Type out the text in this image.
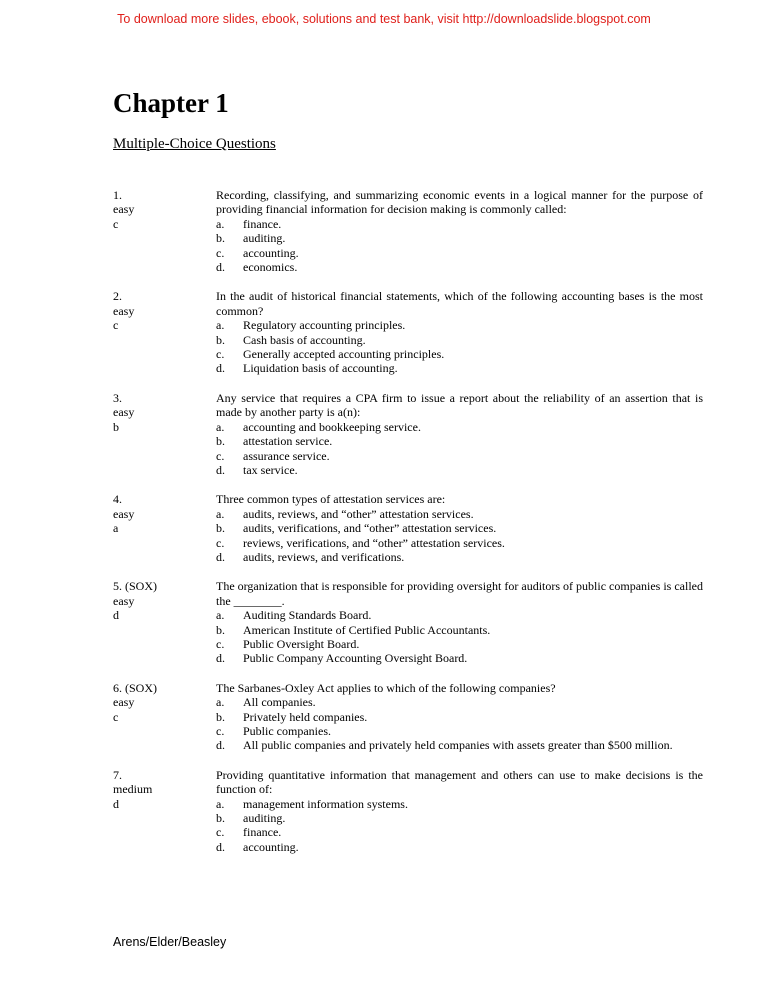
To download more slides, ebook, solutions and test bank, visit http://downloadslide.blogspot.com
Chapter 1
Multiple-Choice Questions
1.
easy
c
Recording, classifying, and summarizing economic events in a logical manner for the purpose of providing financial information for decision making is commonly called:
a.	finance.
b.	auditing.
c.	accounting.
d.	economics.
2.
easy
c
In the audit of historical financial statements, which of the following accounting bases is the most common?
a.	Regulatory accounting principles.
b.	Cash basis of accounting.
c.	Generally accepted accounting principles.
d.	Liquidation basis of accounting.
3.
easy
b
Any service that requires a CPA firm to issue a report about the reliability of an assertion that is made by another party is a(n):
a.	accounting and bookkeeping service.
b.	attestation service.
c.	assurance service.
d.	tax service.
4.
easy
a
Three common types of attestation services are:
a.	audits, reviews, and “other” attestation services.
b.	audits, verifications, and “other” attestation services.
c.	reviews, verifications, and “other” attestation services.
d.	audits, reviews, and verifications.
5. (SOX)
easy
d
The organization that is responsible for providing oversight for auditors of public companies is called the ________.
a.	Auditing Standards Board.
b.	American Institute of Certified Public Accountants.
c.	Public Oversight Board.
d.	Public Company Accounting Oversight Board.
6. (SOX)
easy
c
The Sarbanes-Oxley Act applies to which of the following companies?
a.	All companies.
b.	Privately held companies.
c.	Public companies.
d.	All public companies and privately held companies with assets greater than $500 million.
7.
medium
d
Providing quantitative information that management and others can use to make decisions is the function of:
a.	management information systems.
b.	auditing.
c.	finance.
d.	accounting.
Arens/Elder/Beasley
